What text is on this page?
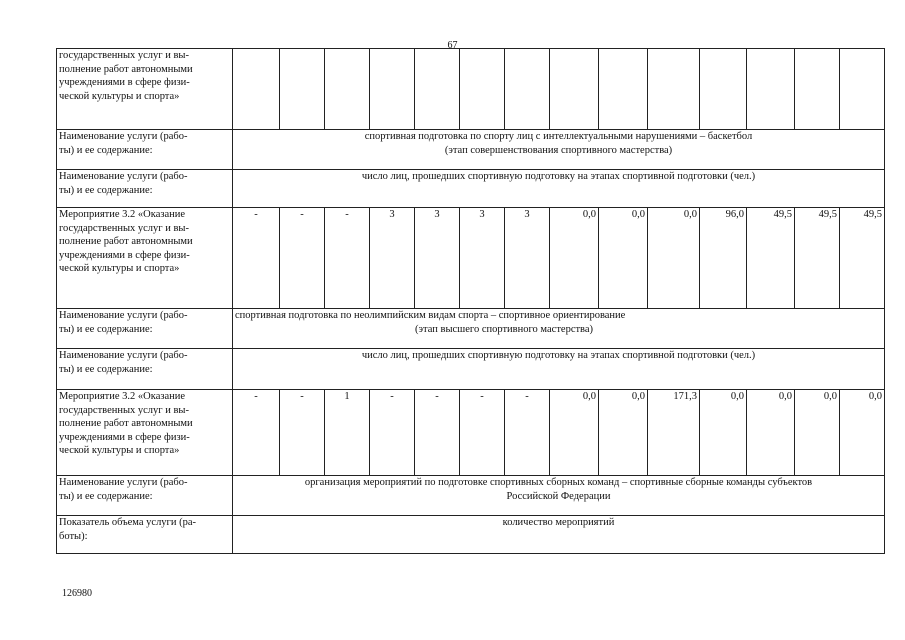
67
государственных услуг и вы-
полнение работ автономными
учреждениями в сфере физи-
ческой культуры и спорта»														

Наименование услуги (рабо-
ты) и ее содержание:	спортивная подготовка по спорту лиц с интеллектуальными нарушениями – баскетбол
(этап совершенствования спортивного мастерства)													

Наименование услуги (рабо-
ты) и ее содержание:	число лиц, прошедших спортивную подготовку на этапах спортивной подготовки (чел.)													

Мероприятие 3.2 «Оказание
государственных услуг и вы-
полнение работ автономными
учреждениями в сфере физи-
ческой культуры и спорта»	-	-	-	3	3	3	3	0,0	0,0	0,0	96,0	49,5	49,5	49,5

Наименование услуги (рабо-
ты) и ее содержание:	спортивная подготовка по неолимпийским видам спорта – спортивное ориентирование
(этап высшего спортивного мастерства)													

Наименование услуги (рабо-
ты) и ее содержание:	число лиц, прошедших спортивную подготовку на этапах спортивной подготовки (чел.)													

Мероприятие 3.2 «Оказание
государственных услуг и вы-
полнение работ автономными
учреждениями в сфере физи-
ческой культуры и спорта»	-	-	1	-	-	-	-	0,0	0,0	171,3	0,0	0,0	0,0	0,0

Наименование услуги (рабо-
ты) и ее содержание:	организация мероприятий по подготовке спортивных сборных команд – спортивные сборные команды субъектов
Российской Федерации													

Показатель объема услуги (ра-
боты):	количество мероприятий													
126980
